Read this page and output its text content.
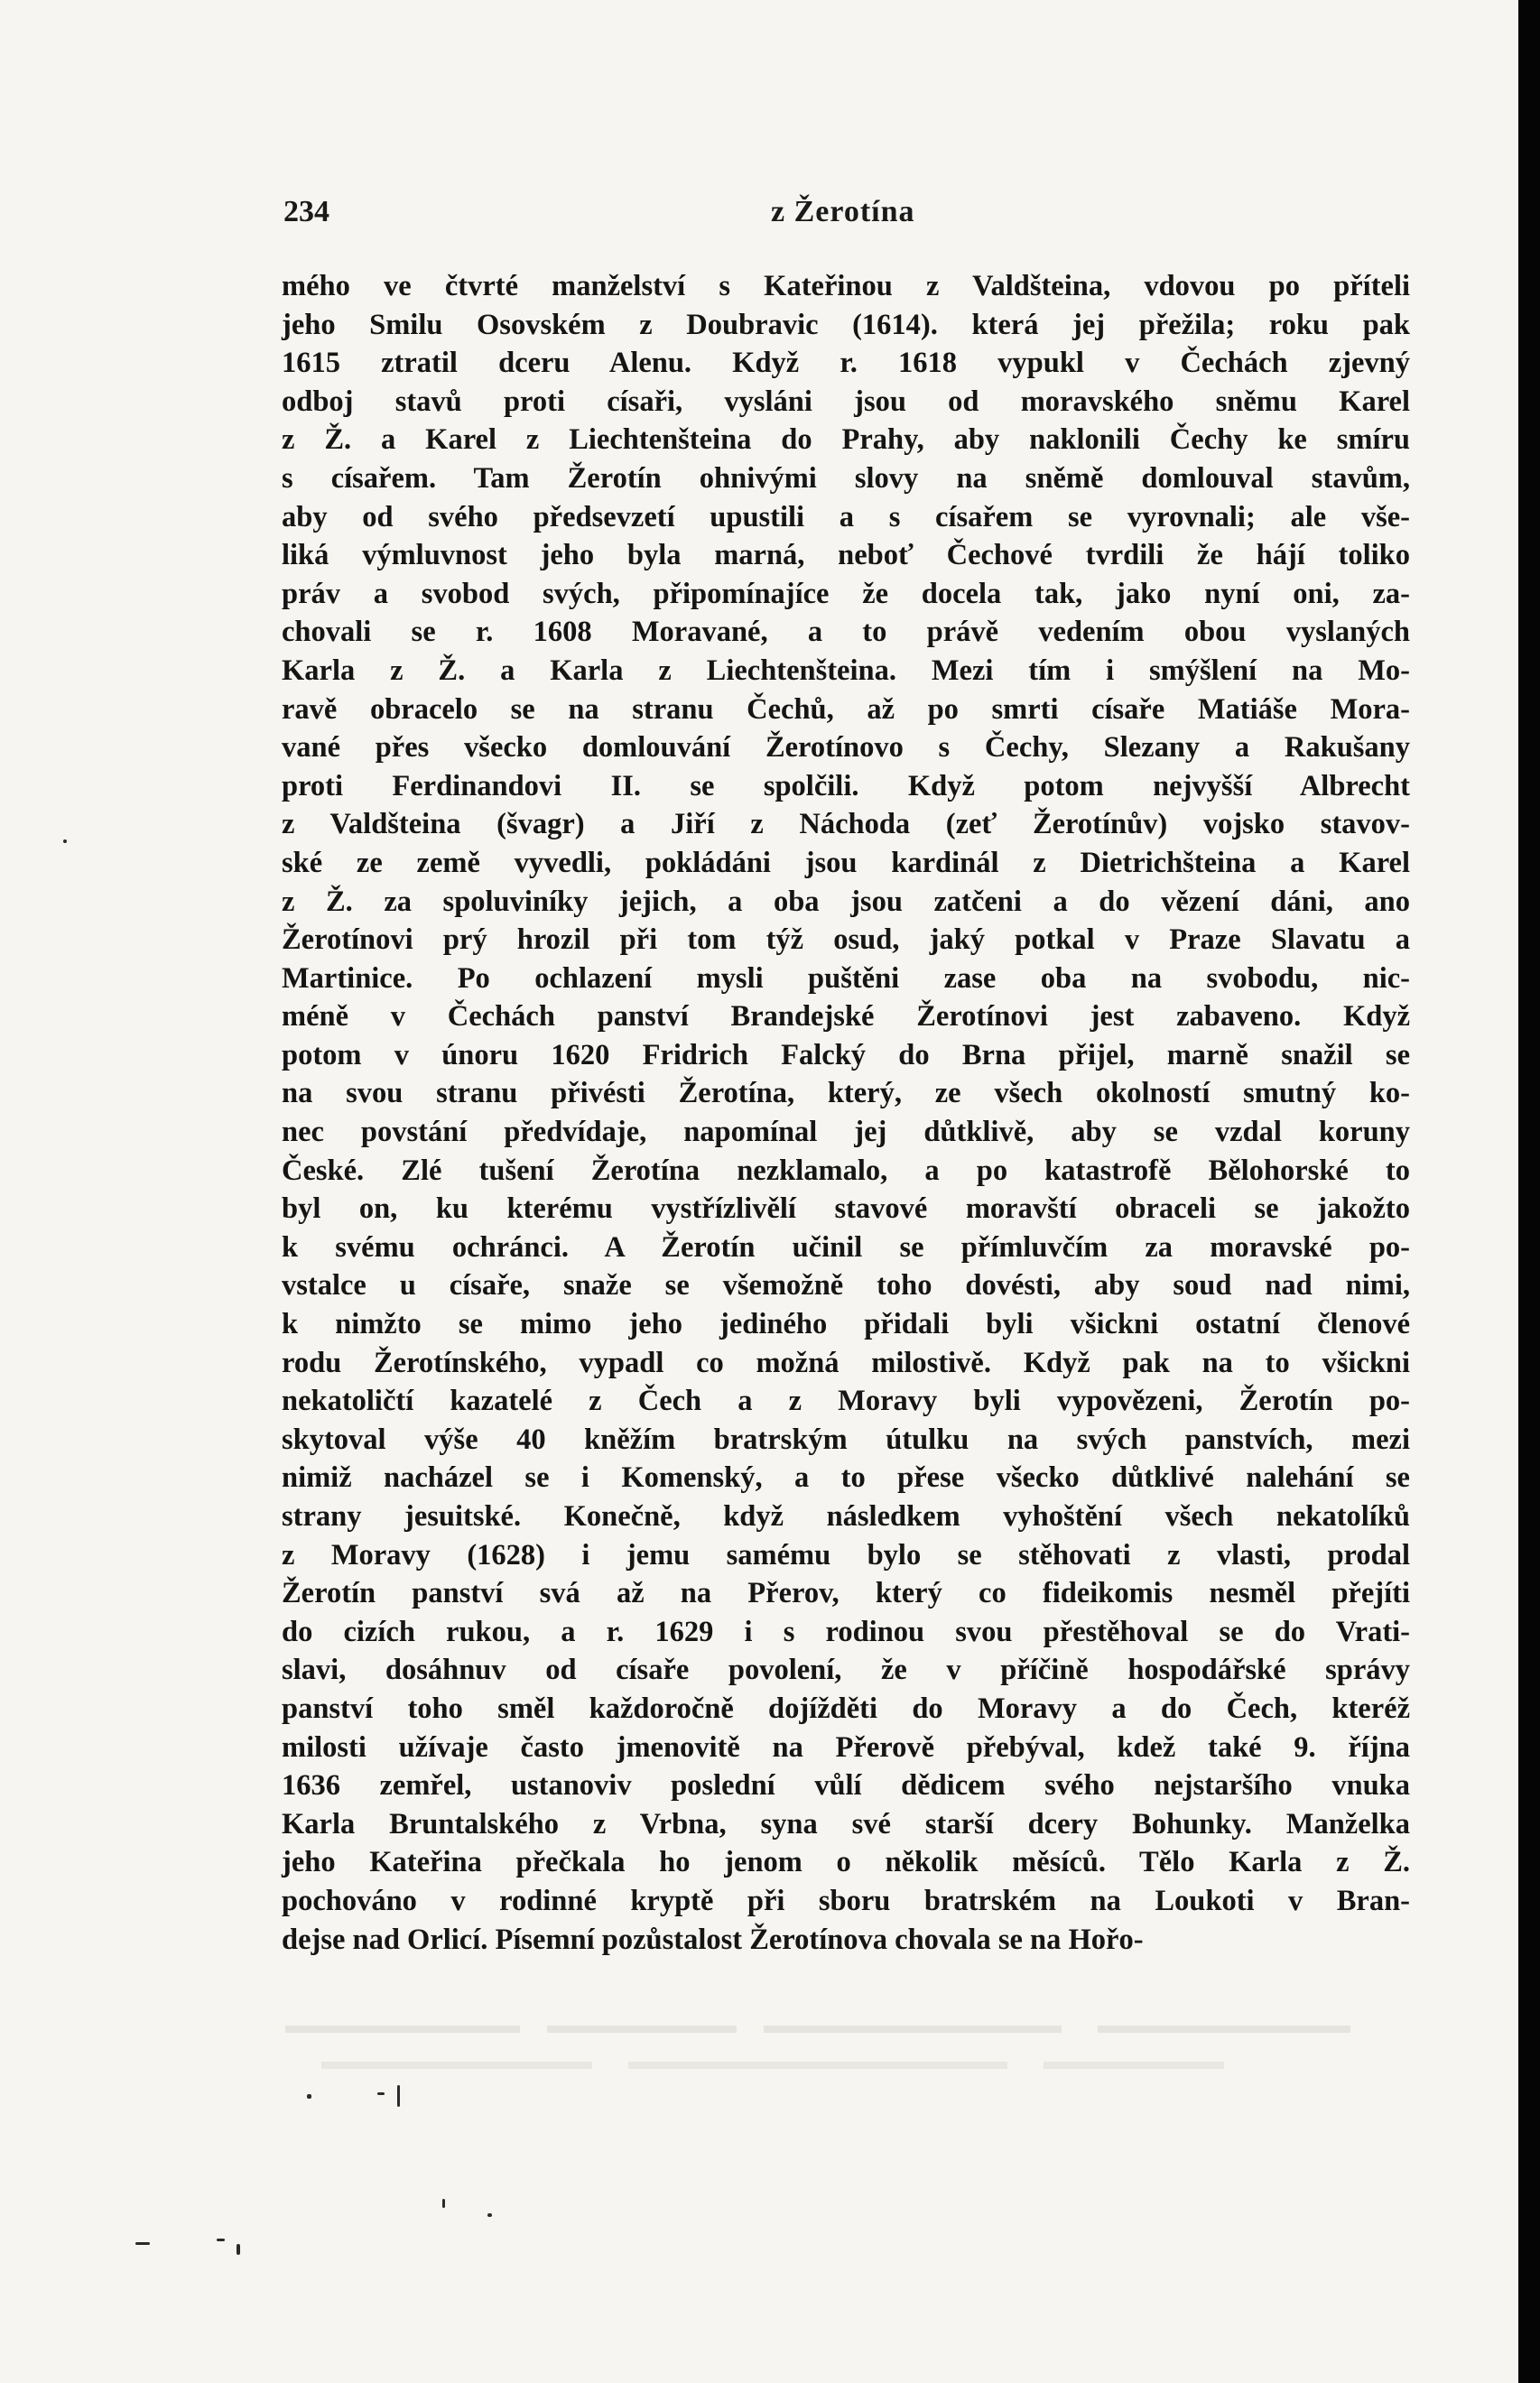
234	z Žerotína
mého ve čtvrté manželství s Kateřinou z Valdšteina, vdovou po příteli
jeho Smilu Osovském z Doubravic (1614). která jej přežila; roku pak
1615 ztratil dceru Alenu. Když r. 1618 vypukl v Čechách zjevný
odboj stavů proti císaři, vysláni jsou od moravského sněmu Karel
z Ž. a Karel z Liechtenšteina do Prahy, aby naklonili Čechy ke smíru
s císařem. Tam Žerotín ohnivými slovy na sněmě domlouval stavům,
aby od svého předsevzetí upustili a s císařem se vyrovnali; ale vše-
liká výmluvnost jeho byla marná, neboť Čechové tvrdili že hájí toliko
práv a svobod svých, připomínajíce že docela tak, jako nyní oni, za-
chovali se r. 1608 Moravané, a to právě vedením obou vyslaných
Karla z Ž. a Karla z Liechtenšteina. Mezi tím i smýšlení na Mo-
ravě obracelo se na stranu Čechů, až po smrti císaře Matiáše Mora-
vané přes všecko domlouvání Žerotínovo s Čechy, Slezany a Rakušany
proti Ferdinandovi II. se spolčili. Když potom nejvyšší Albrecht
z Valdšteina (švagr) a Jiří z Náchoda (zeť Žerotínův) vojsko stavov-
ské ze země vyvedli, pokládáni jsou kardinál z Dietrichšteina a Karel
z Ž. za spoluviníky jejich, a oba jsou zatčeni a do vězení dáni, ano
Žerotínovi prý hrozil při tom týž osud, jaký potkal v Praze Slavatu a
Martinice. Po ochlazení mysli puštěni zase oba na svobodu, nic-
méně v Čechách panství Brandejské Žerotínovi jest zabaveno. Když
potom v únoru 1620 Fridrich Falcký do Brna přijel, marně snažil se
na svou stranu přivésti Žerotína, který, ze všech okolností smutný ko-
nec povstání předvídaje, napomínal jej důtklivě, aby se vzdal koruny
České. Zlé tušení Žerotína nezklamalo, a po katastrofě Bělohorské to
byl on, ku kterému vystřízlivělí stavové moravští obraceli se jakožto
k svému ochránci. A Žerotín učinil se přímluvčím za moravské po-
vstalce u císaře, snaže se všemožně toho dovésti, aby soud nad nimi,
k nimžto se mimo jeho jediného přidali byli všickni ostatní členové
rodu Žerotínského, vypadl co možná milostivě. Když pak na to všickni
nekatoličtí kazatelé z Čech a z Moravy byli vypovězeni, Žerotín po-
skytoval výše 40 kněžím bratrským útulku na svých panstvích, mezi
nimiž nacházel se i Komenský, a to přese všecko důtklivé nalehání se
strany jesuitské. Konečně, když následkem vyhoštění všech nekatolíků
z Moravy (1628) i jemu samému bylo se stěhovati z vlasti, prodal
Žerotín panství svá až na Přerov, který co fideikomis nesměl přejíti
do cizích rukou, a r. 1629 i s rodinou svou přestěhoval se do Vrati-
slavi, dosáhnuv od císaře povolení, že v příčině hospodářské správy
panství toho směl každoročně dojížděti do Moravy a do Čech, kteréž
milosti užívaje často jmenovitě na Přerově přebýval, kdež také 9. října
1636 zemřel, ustanoviv poslední vůlí dědicem svého nejstaršího vnuka
Karla Bruntalského z Vrbna, syna své starší dcery Bohunky. Manželka
jeho Kateřina přečkala ho jenom o několik měsíců. Tělo Karla z Ž.
pochováno v rodinné kryptě při sboru bratrském na Loukoti v Bran-
dejse nad Orlicí. Písemní pozůstalost Žerotínova chovala se na Hořo-
